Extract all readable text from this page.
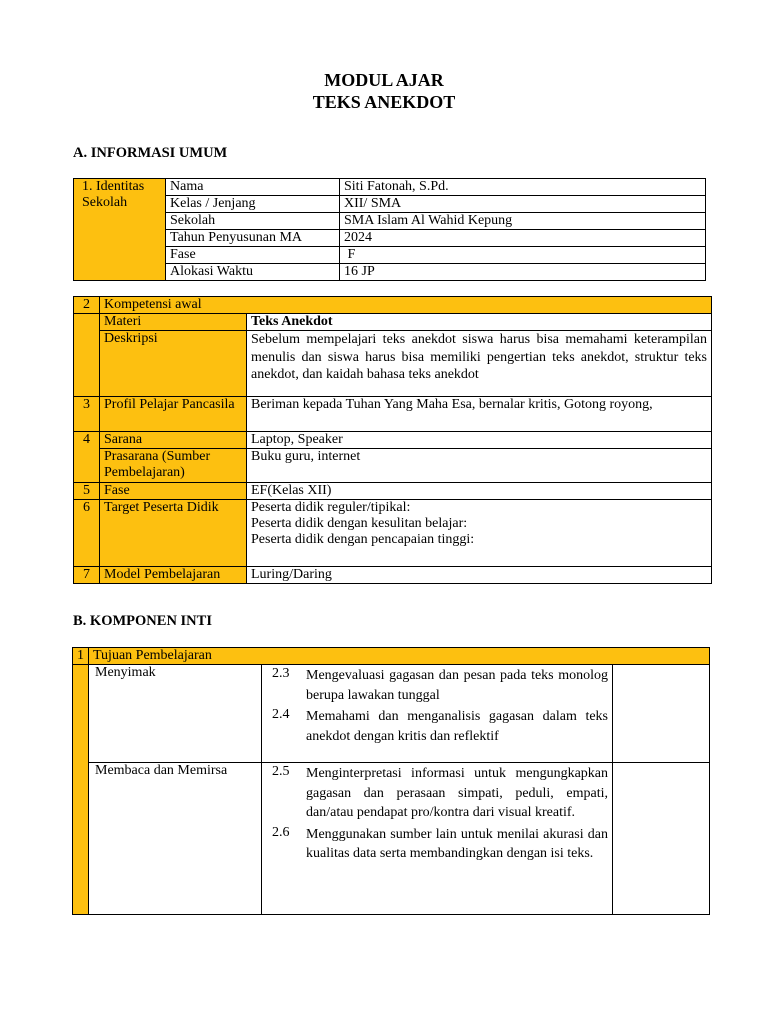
MODUL AJAR
TEKS ANEKDOT
A. INFORMASI UMUM
1. Identitas Sekolah	Nama	Siti Fatonah, S.Pd.
	Kelas / Jenjang	XII/ SMA
	Sekolah	SMA Islam Al Wahid Kepung
	Tahun Penyusunan MA	2024
	Fase	F
	Alokasi Waktu	16 JP
2	Kompetensi awal	
	Materi	Teks Anekdot
	Deskripsi	Sebelum mempelajari teks anekdot siswa harus bisa memahami keterampilan menulis dan siswa harus bisa memiliki pengertian teks anekdot, struktur teks anekdot, dan kaidah bahasa teks anekdot
3	Profil Pelajar Pancasila	Beriman kepada Tuhan Yang Maha Esa, bernalar kritis, Gotong royong,
4	Sarana	Laptop, Speaker
	Prasarana (Sumber Pembelajaran)	Buku guru, internet
5	Fase	EF(Kelas XII)
6	Target Peserta Didik	Peserta didik reguler/tipikal:
Peserta didik dengan kesulitan belajar:
Peserta didik dengan pencapaian tinggi:

7	Model Pembelajaran	Luring/Daring
B. KOMPONEN INTI
1	Tujuan Pembelajaran		
	Menyimak	2.3 Mengevaluasi gagasan dan pesan pada teks monolog berupa lawakan tunggal
2.4 Memahami dan menganalisis gagasan dalam teks anekdot dengan kritis dan reflektif	

	Membaca dan Memirsa	2.5 Menginterpretasi informasi untuk mengungkapkan gagasan dan perasaan simpati, peduli, empati, dan/atau pendapat pro/kontra dari visual kreatif.
2.6 Menggunakan sumber lain untuk menilai akurasi dan kualitas data serta membandingkan dengan isi teks.	
